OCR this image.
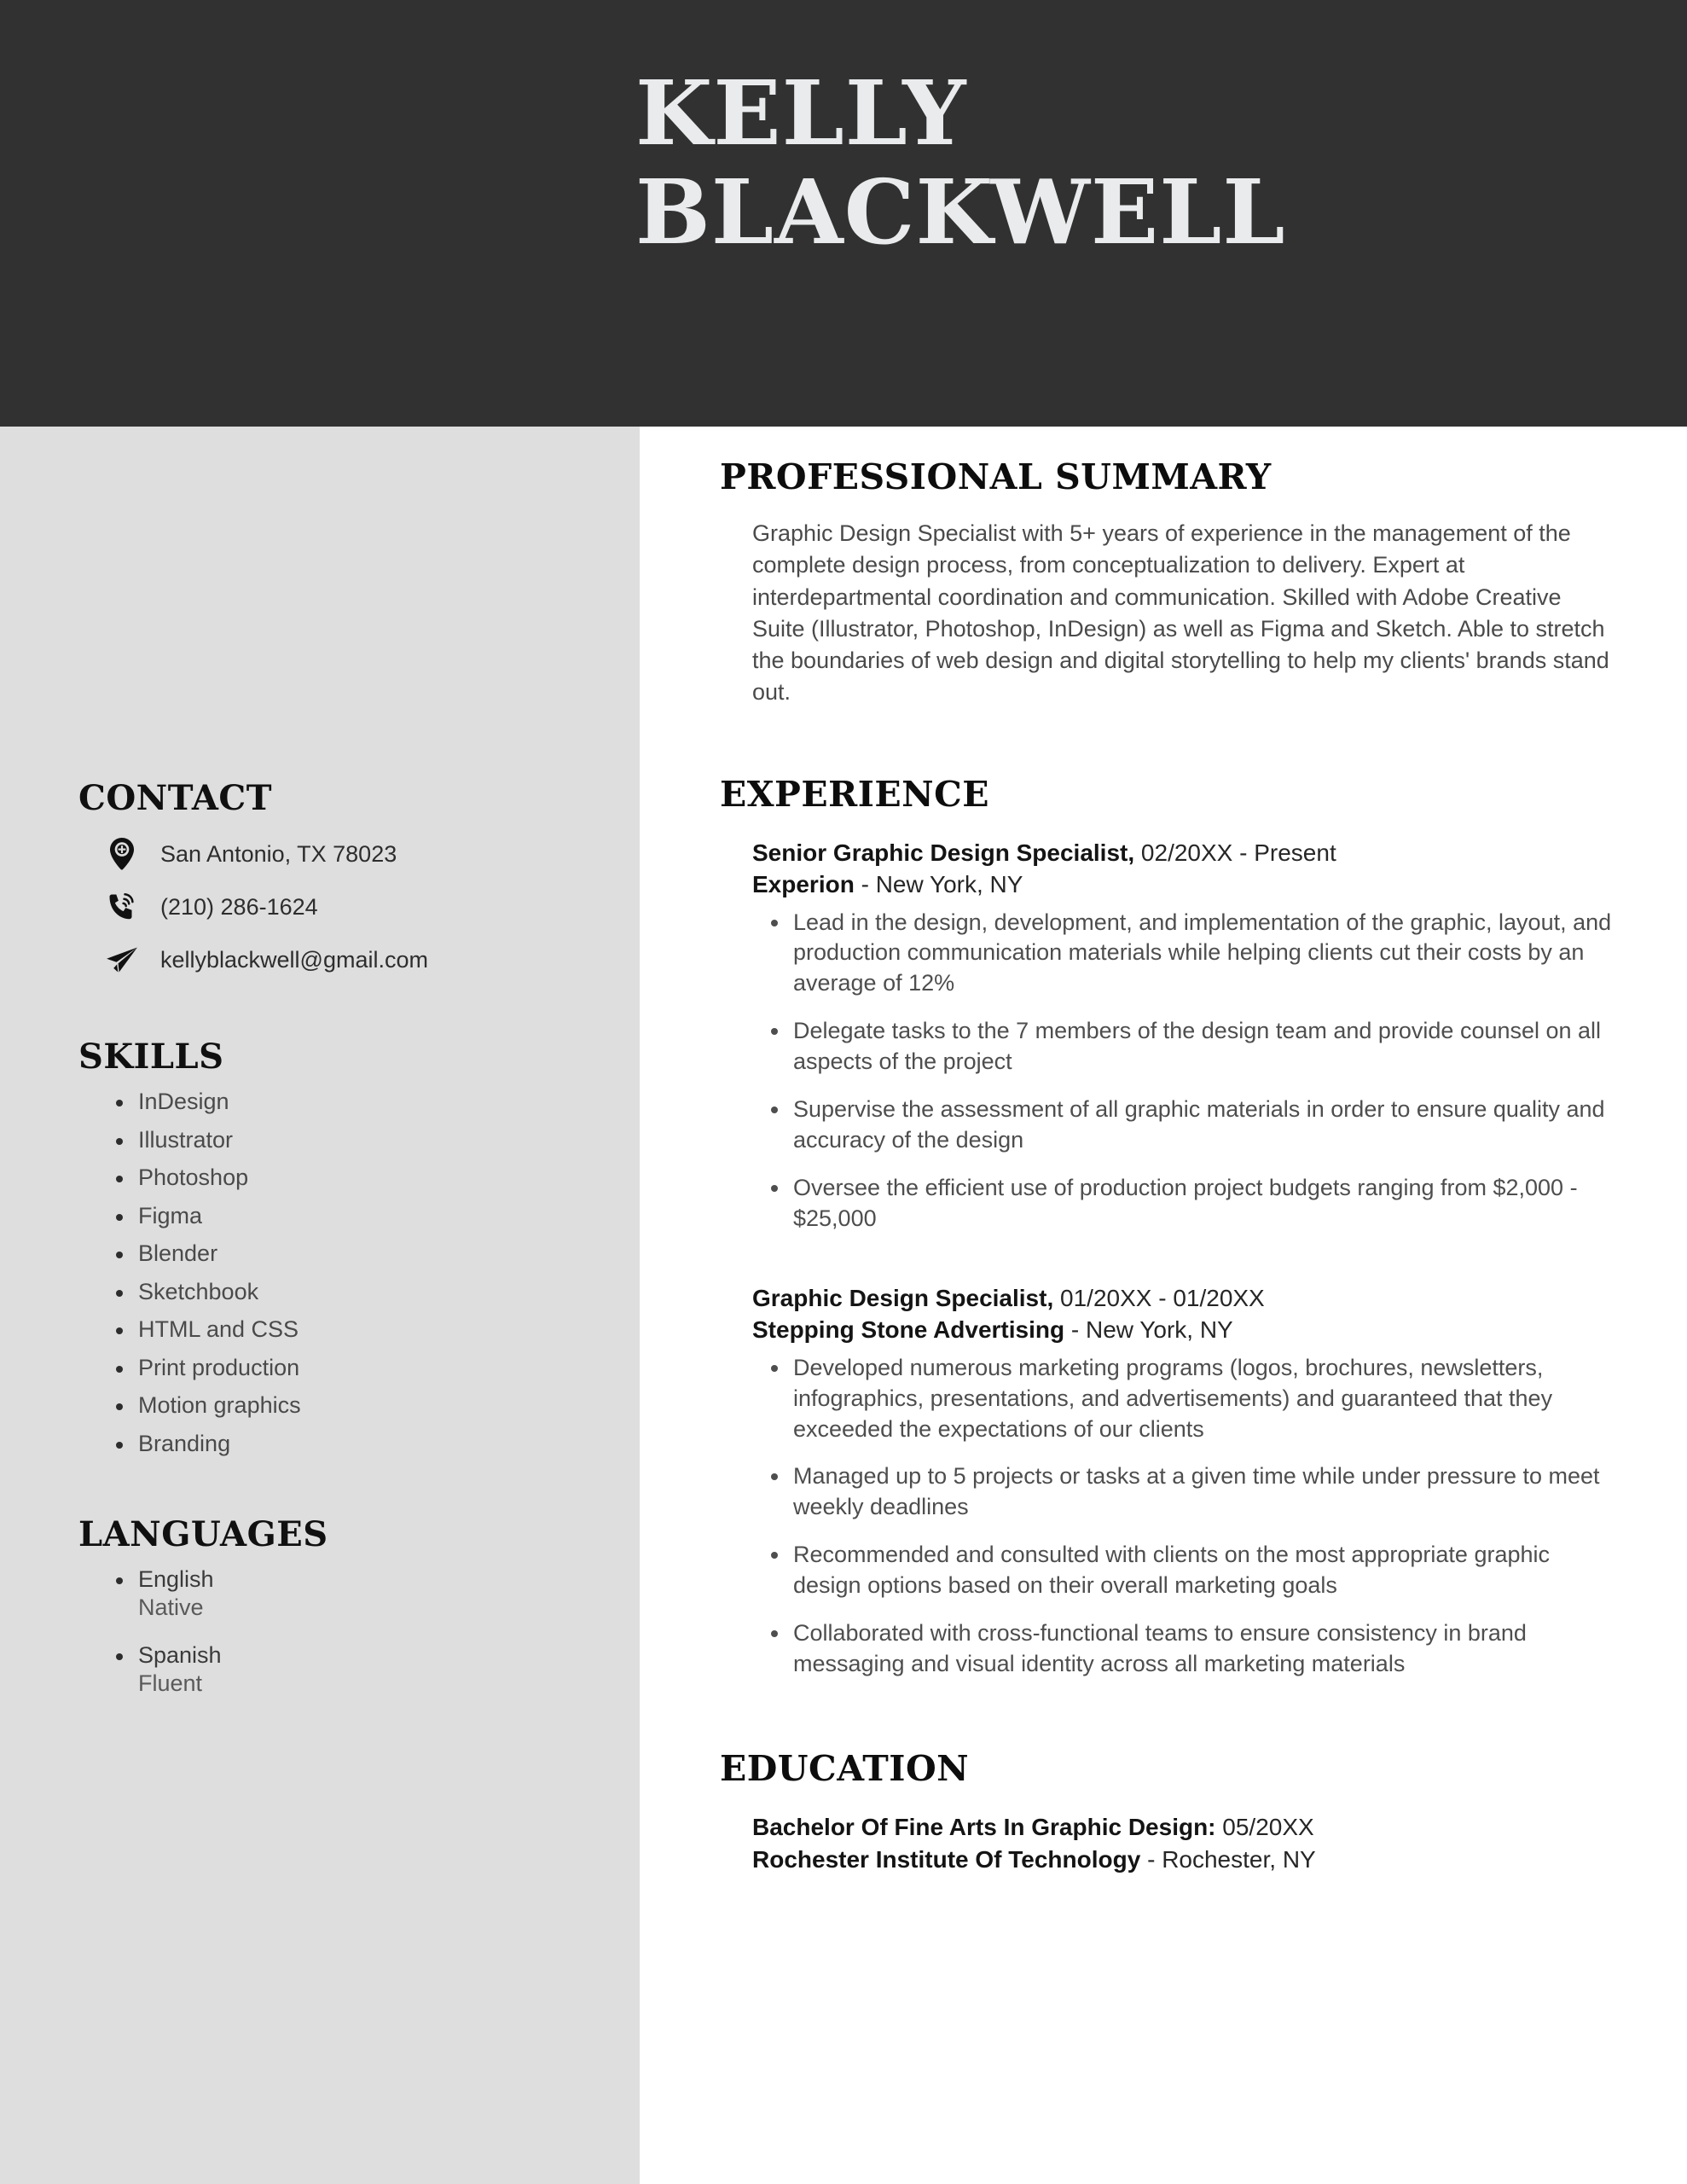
KELLY
BLACKWELL
CONTACT
San Antonio, TX 78023
(210) 286-1624
kellyblackwell@gmail.com
SKILLS
InDesign
Illustrator
Photoshop
Figma
Blender
Sketchbook
HTML and CSS
Print production
Motion graphics
Branding
LANGUAGES
English
Native
Spanish
Fluent
PROFESSIONAL SUMMARY

Graphic Design Specialist with 5+ years of experience in the management of the complete design process, from conceptualization to delivery. Expert at interdepartmental coordination and communication. Skilled with Adobe Creative Suite (Illustrator, Photoshop, InDesign) as well as Figma and Sketch. Able to stretch the boundaries of web design and digital storytelling to help my clients' brands stand out.

EXPERIENCE
Senior Graphic Design Specialist, 02/20XX - Present
Experion - New York, NY
Lead in the design, development, and implementation of the graphic, layout, and production communication materials while helping clients cut their costs by an average of 12%
Delegate tasks to the 7 members of the design team and provide counsel on all aspects of the project
Supervise the assessment of all graphic materials in order to ensure quality and accuracy of the design
Oversee the efficient use of production project budgets ranging from $2,000 - $25,000
Graphic Design Specialist, 01/20XX - 01/20XX
Stepping Stone Advertising - New York, NY
Developed numerous marketing programs (logos, brochures, newsletters, infographics, presentations, and advertisements) and guaranteed that they exceeded the expectations of our clients
Managed up to 5 projects or tasks at a given time while under pressure to meet weekly deadlines
Recommended and consulted with clients on the most appropriate graphic design options based on their overall marketing goals
Collaborated with cross-functional teams to ensure consistency in brand messaging and visual identity across all marketing materials
EDUCATION
Bachelor Of Fine Arts In Graphic Design: 05/20XX
Rochester Institute Of Technology - Rochester, NY
